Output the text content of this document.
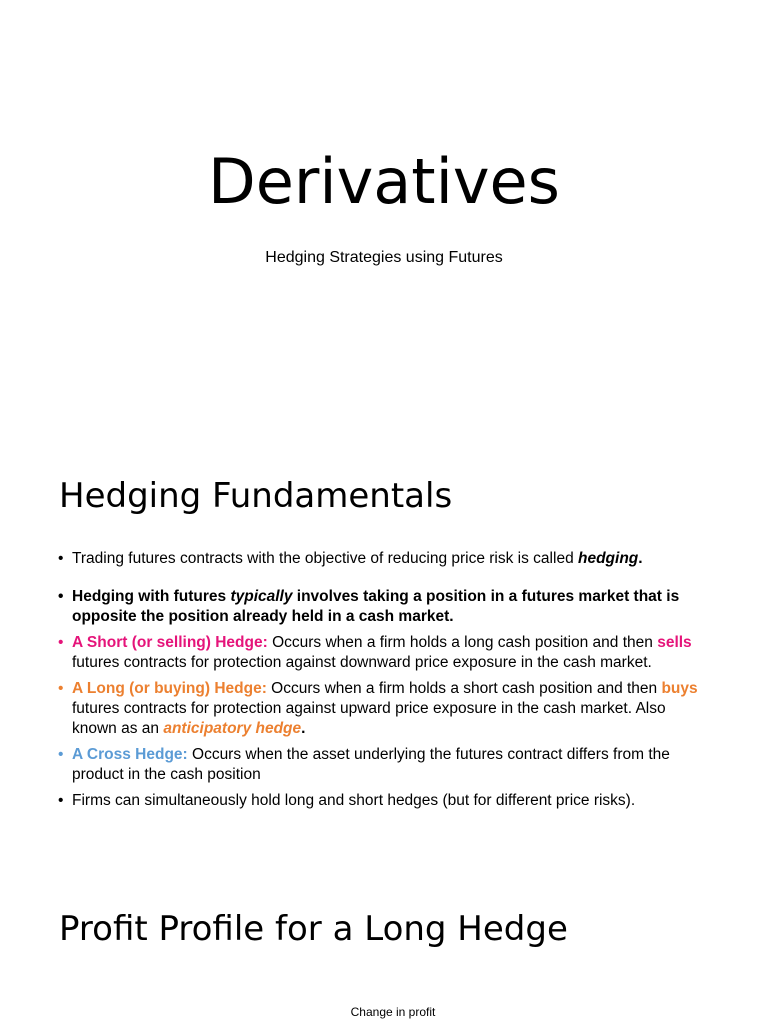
Derivatives

Hedging Strategies using Futures

Hedging Fundamentals
• Trading futures contracts with the objective of reducing price risk is called hedging.
• Hedging with futures typically involves taking a position in a futures market that is opposite the position already held in a cash market.
• A Short (or selling) Hedge: Occurs when a firm holds a long cash position and then sells futures contracts for protection against downward price exposure in the cash market.
• A Long (or buying) Hedge: Occurs when a firm holds a short cash position and then buys futures contracts for protection against upward price exposure in the cash market. Also known as an anticipatory hedge.
• A Cross Hedge: Occurs when the asset underlying the futures contract differs from the product in the cash position
• Firms can simultaneously hold long and short hedges (but for different price risks).
Profit Profile for a Long Hedge

Change in profit
